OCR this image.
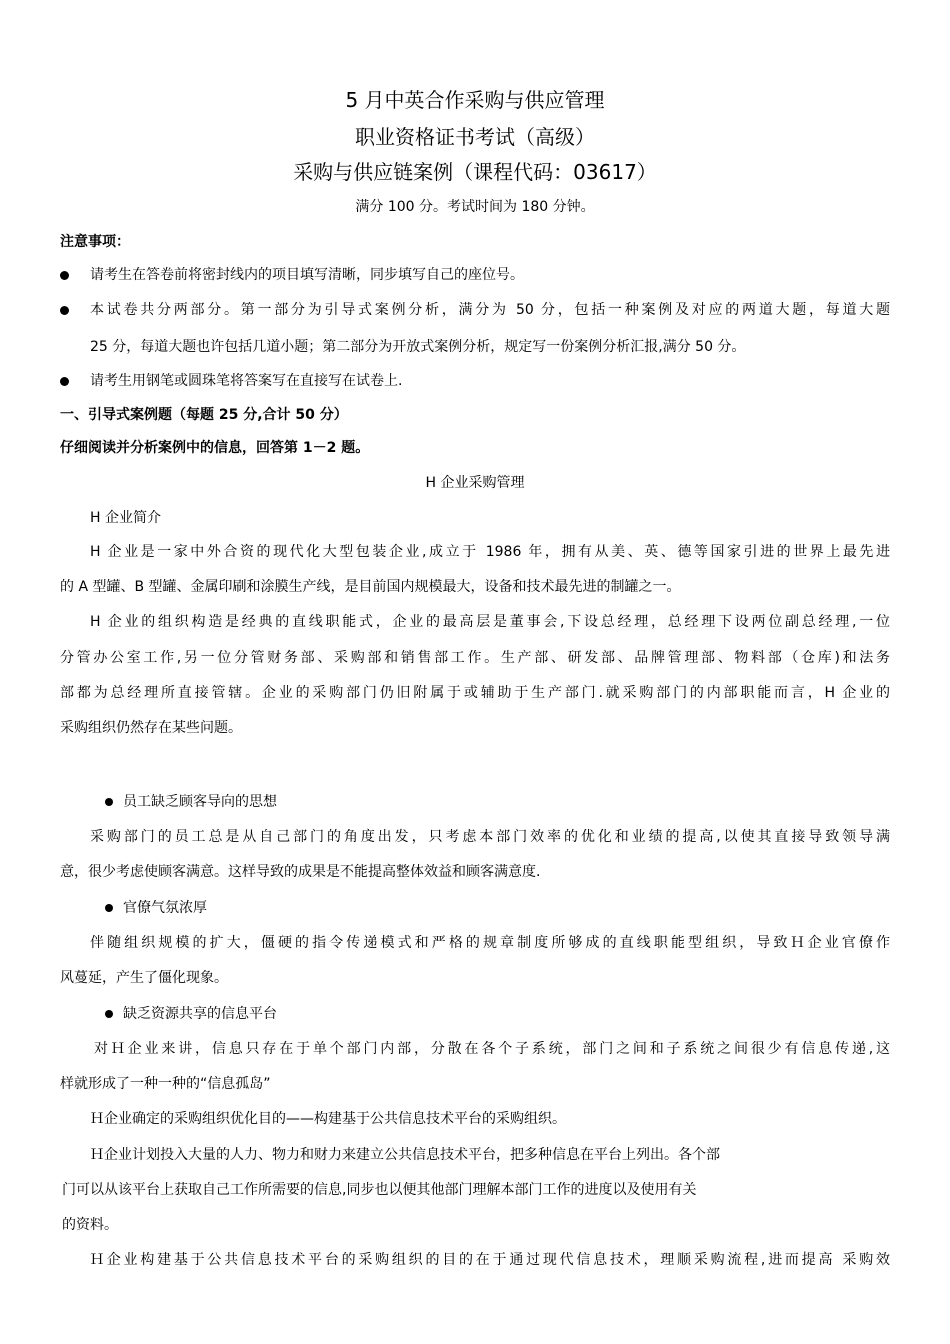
5 月中英合作采购与供应管理
职业资格证书考试（高级）
采购与供应链案例（课程代码：03617）
满分 100 分。考试时间为 180 分钟。
注意事项：
请考生在答卷前将密封线内的项目填写清晰，同步填写自己的座位号。
本试卷共分两部分。第一部分为引导式案例分析，满分为 50 分，包括一种案例及对应的两道大题，每道大题
25 分，每道大题也许包括几道小题；第二部分为开放式案例分析，规定写一份案例分析汇报,满分 50 分。
请考生用钢笔或圆珠笔将答案写在直接写在试卷上.
一、引导式案例题（每题 25 分,合计 50 分）
仔细阅读并分析案例中的信息，回答第 1－2 题。
H 企业采购管理
H 企业简介
H 企业是一家中外合资的现代化大型包装企业,成立于 1986 年，拥有从美、英、德等国家引进的世界上最先进
的 A 型罐、B 型罐、金属印刷和涂膜生产线，是目前国内规模最大，设备和技术最先进的制罐之一。
H 企业的组织构造是经典的直线职能式，企业的最高层是董事会,下设总经理，总经理下设两位副总经理,一位
分管办公室工作,另一位分管财务部、采购部和销售部工作。生产部、研发部、品牌管理部、物料部（仓库)和法务
部都为总经理所直接管辖。企业的采购部门仍旧附属于或辅助于生产部门.就采购部门的内部职能而言，H 企业的
采购组织仍然存在某些问题。
员工缺乏顾客导向的思想
采购部门的员工总是从自己部门的角度出发，只考虑本部门效率的优化和业绩的提高,以使其直接导致领导满
意，很少考虑使顾客满意。这样导致的成果是不能提高整体效益和顾客满意度.
官僚气氛浓厚
伴随组织规模的扩大，僵硬的指令传递模式和严格的规章制度所够成的直线职能型组织，导致Ｈ企业官僚作
风蔓延，产生了僵化现象。
缺乏资源共享的信息平台
对Ｈ企业来讲，信息只存在于单个部门内部，分散在各个子系统，部门之间和子系统之间很少有信息传递,这
样就形成了一种一种的“信息孤岛”
Ｈ企业确定的采购组织优化目的——构建基于公共信息技术平台的采购组织。
Ｈ企业计划投入大量的人力、物力和财力来建立公共信息技术平台，把多种信息在平台上列出。各个部
门可以从该平台上获取自己工作所需要的信息,同步也以便其他部门理解本部门工作的进度以及使用有关
的资料。
Ｈ企业构建基于公共信息技术平台的采购组织的目的在于通过现代信息技术，理顺采购流程,进而提高 采购效
